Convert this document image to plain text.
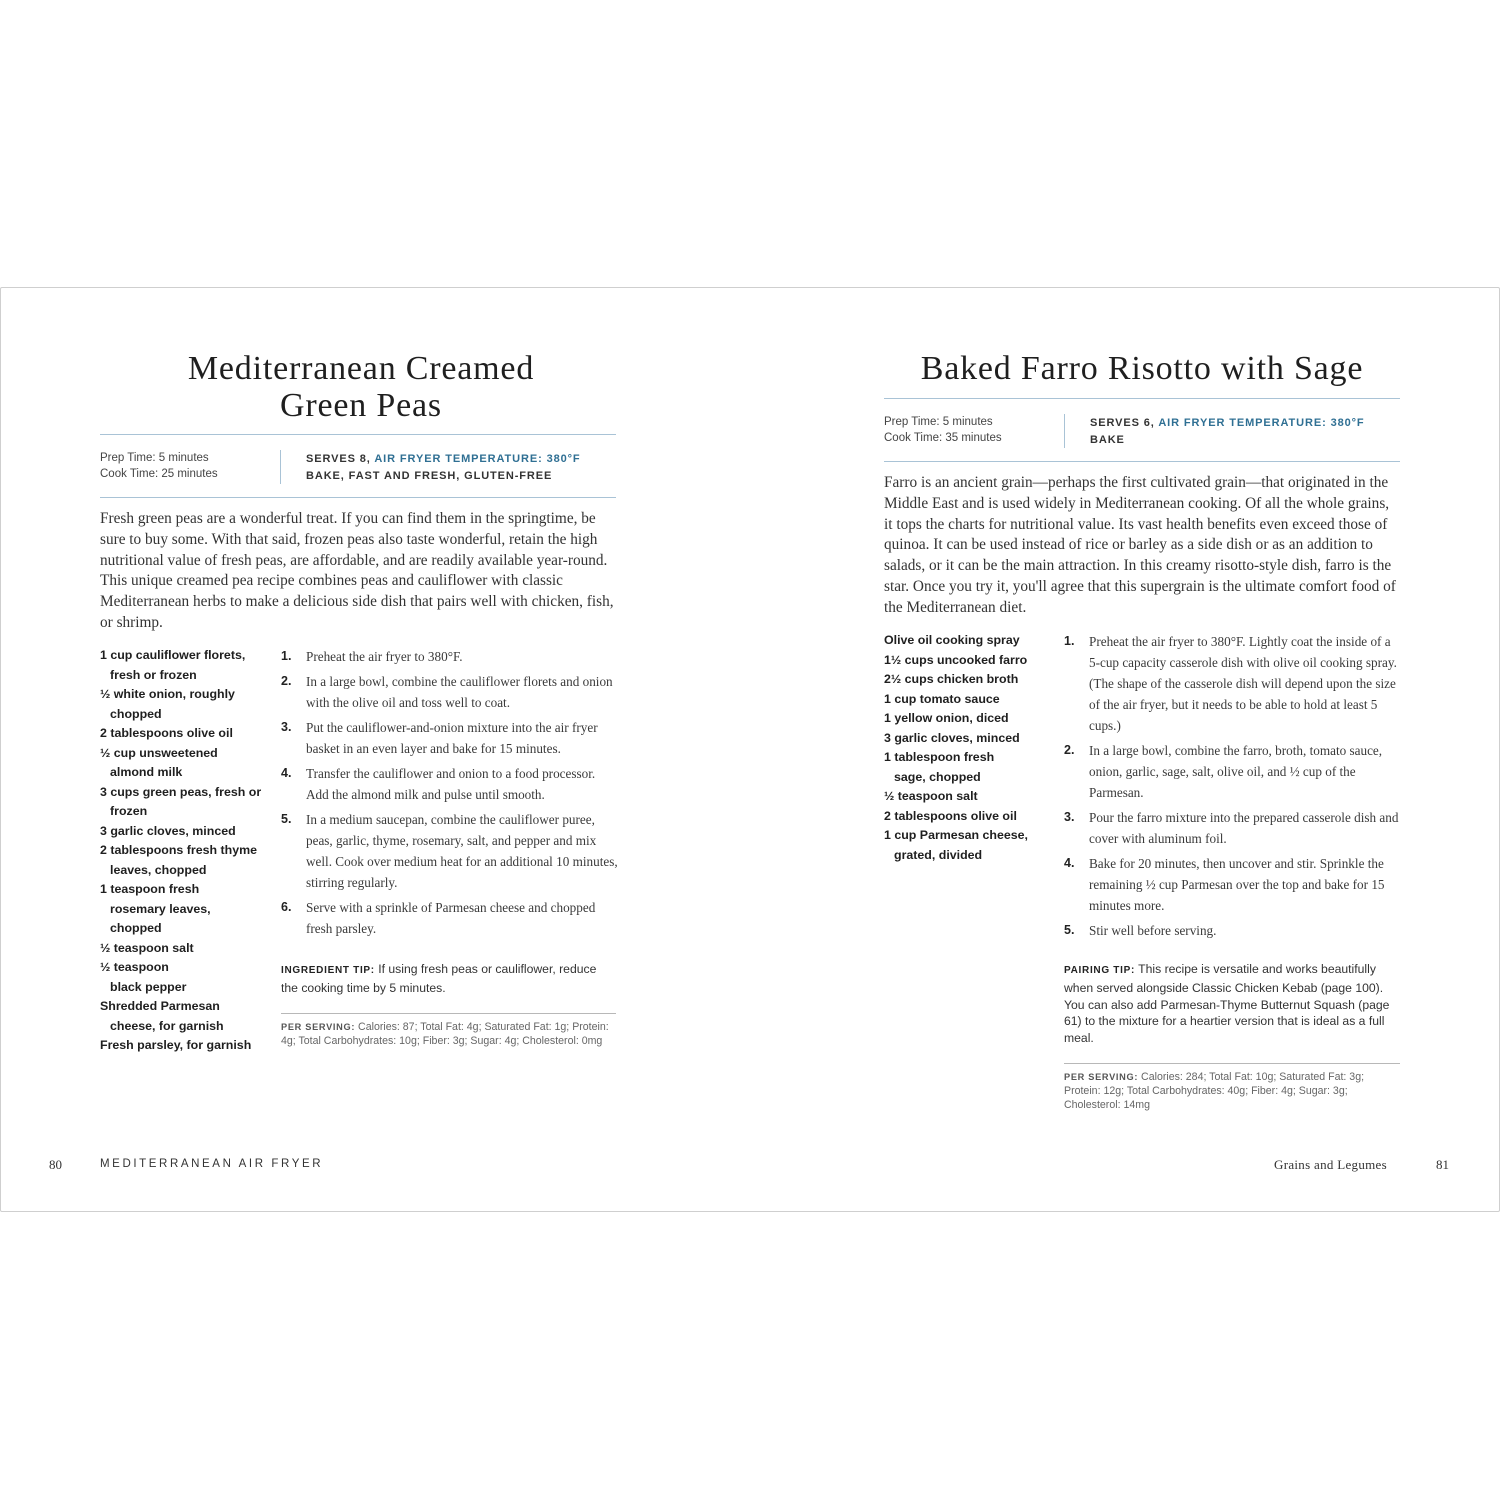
Mediterranean Creamed Green Peas
Prep Time: 5 minutes
Cook Time: 25 minutes
SERVES 8, AIR FRYER TEMPERATURE: 380°F
BAKE, FAST AND FRESH, GLUTEN-FREE

Fresh green peas are a wonderful treat. If you can find them in the springtime, be sure to buy some. With that said, frozen peas also taste wonderful, retain the high nutritional value of fresh peas, are affordable, and are readily available year-round. This unique creamed pea recipe combines peas and cauliflower with classic Mediterranean herbs to make a delicious side dish that pairs well with chicken, fish, or shrimp.

1 cup cauliflower florets, fresh or frozen
½ white onion, roughly chopped
2 tablespoons olive oil
½ cup unsweetened almond milk
3 cups green peas, fresh or frozen
3 garlic cloves, minced
2 tablespoons fresh thyme leaves, chopped
1 teaspoon fresh rosemary leaves, chopped
½ teaspoon salt
½ teaspoon black pepper
Shredded Parmesan cheese, for garnish
Fresh parsley, for garnish
1. Preheat the air fryer to 380°F.
2. In a large bowl, combine the cauliflower florets and onion with the olive oil and toss well to coat.
3. Put the cauliflower-and-onion mixture into the air fryer basket in an even layer and bake for 15 minutes.
4. Transfer the cauliflower and onion to a food processor. Add the almond milk and pulse until smooth.
5. In a medium saucepan, combine the cauliflower puree, peas, garlic, thyme, rosemary, salt, and pepper and mix well. Cook over medium heat for an additional 10 minutes, stirring regularly.
6. Serve with a sprinkle of Parmesan cheese and chopped fresh parsley.

INGREDIENT TIP: If using fresh peas or cauliflower, reduce the cooking time by 5 minutes.

PER SERVING: Calories: 87; Total Fat: 4g; Saturated Fat: 1g; Protein: 4g; Total Carbohydrates: 10g; Fiber: 3g; Sugar: 4g; Cholesterol: 0mg

80	MEDITERRANEAN AIR FRYER
Baked Farro Risotto with Sage
Prep Time: 5 minutes
Cook Time: 35 minutes
SERVES 6, AIR FRYER TEMPERATURE: 380°F
BAKE

Farro is an ancient grain—perhaps the first cultivated grain—that originated in the Middle East and is used widely in Mediterranean cooking. Of all the whole grains, it tops the charts for nutritional value. Its vast health benefits even exceed those of quinoa. It can be used instead of rice or barley as a side dish or as an addition to salads, or it can be the main attraction. In this creamy risotto-style dish, farro is the star. Once you try it, you'll agree that this supergrain is the ultimate comfort food of the Mediterranean diet.

Olive oil cooking spray
1½ cups uncooked farro
2½ cups chicken broth
1 cup tomato sauce
1 yellow onion, diced
3 garlic cloves, minced
1 tablespoon fresh sage, chopped
½ teaspoon salt
2 tablespoons olive oil
1 cup Parmesan cheese, grated, divided
1. Preheat the air fryer to 380°F. Lightly coat the inside of a 5-cup capacity casserole dish with olive oil cooking spray. (The shape of the casserole dish will depend upon the size of the air fryer, but it needs to be able to hold at least 5 cups.)
2. In a large bowl, combine the farro, broth, tomato sauce, onion, garlic, sage, salt, olive oil, and ½ cup of the Parmesan.
3. Pour the farro mixture into the prepared casserole dish and cover with aluminum foil.
4. Bake for 20 minutes, then uncover and stir. Sprinkle the remaining ½ cup Parmesan over the top and bake for 15 minutes more.
5. Stir well before serving.

PAIRING TIP: This recipe is versatile and works beautifully when served alongside Classic Chicken Kebab (page 100). You can also add Parmesan-Thyme Butternut Squash (page 61) to the mixture for a heartier version that is ideal as a full meal.

PER SERVING: Calories: 284; Total Fat: 10g; Saturated Fat: 3g; Protein: 12g; Total Carbohydrates: 40g; Fiber: 4g; Sugar: 3g; Cholesterol: 14mg

Grains and Legumes	81
